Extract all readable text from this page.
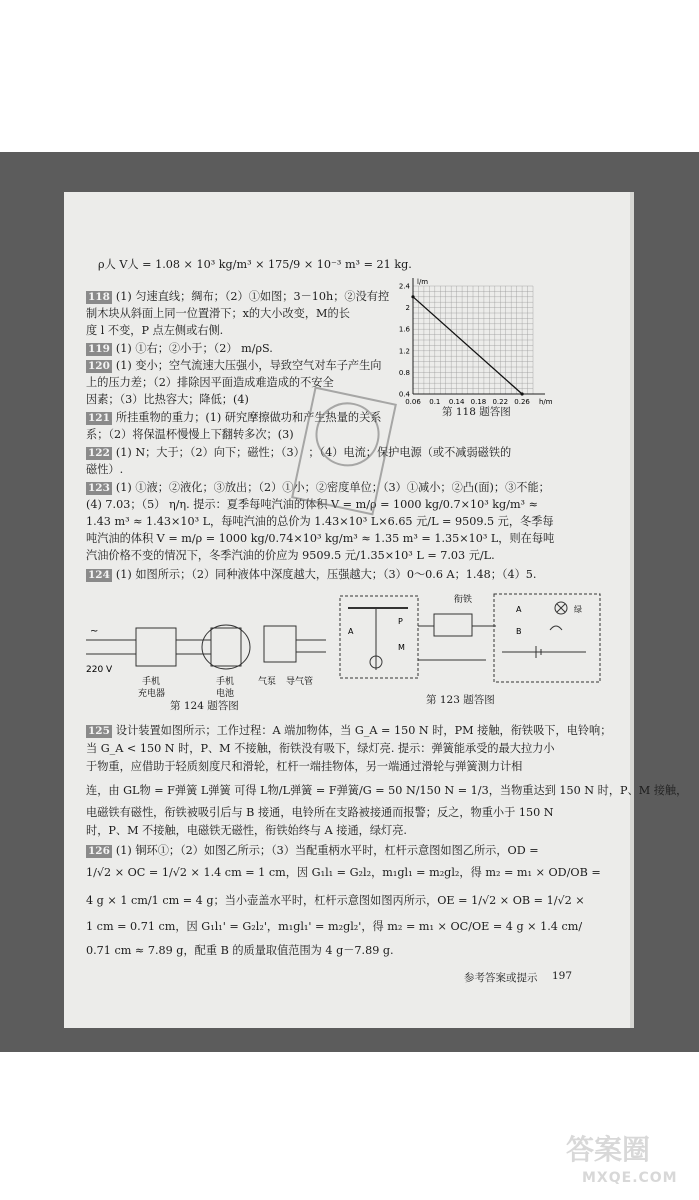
ρ人 V人 = 1.08 × 10³ kg/m³ × 175/9 × 10⁻³ m³ = 21 kg.
118 (1) 匀速直线；绸布；（2）①如图；3－10h；②没有控
制木块从斜面上同一位置滑下；x的大小改变，M的长
度 l 不变，P 点左侧或右侧.
119 (1) ①右；②小于；（2） m/ρS.
120 (1) 变小；空气流速大压强小，导致空气对车子产生向
上的压力差；（2）排除因平面造成难造成的不安全
因素；（3）比热容大；降低；(4)
121 所挂重物的重力；(1) 研究摩擦做功和产生热量的关系
系；（2）将保温杯慢慢上下翻转多次；(3)
122 (1) N；大于；（2）向下；磁性；（3） ；（4）电流；保护电源（或不减弱磁铁的
磁性）.
123 (1) ①液；②液化；③放出；（2）①小；②密度单位；（3）①减小；②凸(面)；③不能；
(4) 7.03；（5） η/η. 提示：夏季每吨汽油的体积 V = m/ρ = 1000 kg/0.7×10³ kg/m³ ≈
1.43 m³ ≈ 1.43×10³ L，每吨汽油的总价为 1.43×10³ L×6.65 元/L = 9509.5 元，冬季每
吨汽油的体积 V = m/ρ = 1000 kg/0.74×10³ kg/m³ ≈ 1.35 m³ = 1.35×10³ L，则在每吨
汽油价格不变的情况下，冬季汽油的价应为 9509.5 元/1.35×10³ L = 7.03 元/L.
124 (1) 如图所示；（2）同种液体中深度越大，压强越大；（3）0～0.6 A；1.48；（4）5.
~
220 V
手机
充电器
手机
电池
气泵 导气管
第 124 题答图
A
P
M
衔铁
绿
A
B
第 123 题答图
125 设计装置如图所示；工作过程：A 端加物体，当 G_A = 150 N 时，PM 接触，衔铁吸下，电铃响；
当 G_A < 150 N 时，P、M 不接触，衔铁没有吸下，绿灯亮. 提示：弹簧能承受的最大拉力小
于物重，应借助于轻质刻度尺和滑轮，杠杆一端挂物体，另一端通过滑轮与弹簧测力计相
连，由 GL物 = F弹簧 L弹簧 可得 L物/L弹簧 = F弹簧/G = 50 N/150 N = 1/3，当物重达到 150 N 时，P、M 接触，
电磁铁有磁性，衔铁被吸引后与 B 接通，电铃所在支路被接通而报警；反之，物重小于 150 N
时，P、M 不接触，电磁铁无磁性，衔铁始终与 A 接通，绿灯亮.
126 (1) 铜环①；（2）如图乙所示；（3）当配重柄水平时，杠杆示意图如图乙所示，OD =
1/√2 × OC = 1/√2 × 1.4 cm = 1 cm，因 G₁l₁ = G₂l₂，m₁gl₁ = m₂gl₂，得 m₂ = m₁ × OD/OB =
4 g × 1 cm/1 cm = 4 g；当小壶盖水平时，杠杆示意图如图丙所示，OE = 1/√2 × OB = 1/√2 ×
1 cm = 0.71 cm，因 G₁l₁' = G₂l₂'，m₁gl₁' = m₂gl₂'，得 m₂ = m₁ × OC/OE = 4 g × 1.4 cm/
0.71 cm ≈ 7.89 g，配重 B 的质量取值范围为 4 g－7.89 g.
参考答案或提示 197
0.06 0.1 0.14 0.18 0.22 0.26
0.4
0.8
1.2
1.6
2
2.4
l/m
h/m
第 118 题答图
答案圈
MXQE.COM
